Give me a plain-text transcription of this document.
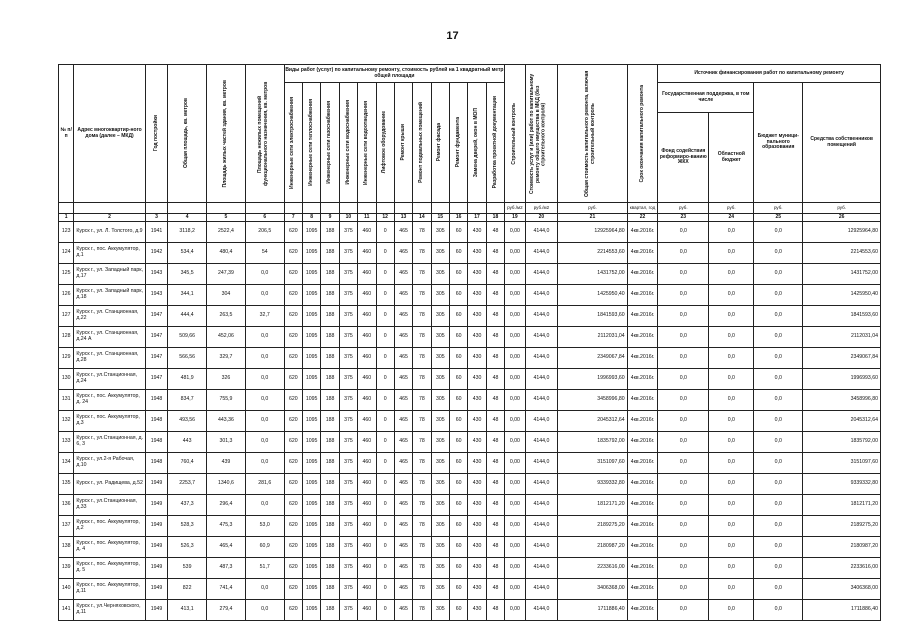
17
№ п/п	Адрес многоквартир-ного дома (далее – МКД)	Год постройки	Общая площадь, кв. метров	Площадь жилых частей здания, кв. метров	Площадь нежилых помещений функционального назначения, кв. метров	Виды работ (услуг) по капитальному ремонту, стоимость рублей на 1 квадратный метр общей площади												Строительный контроль	Стоимость услуг и (или) работ по капитальному ремонту общего имущества в МКД (без строительного контроля)	Общая стоимость капитального ремонта, включая строительный контроль	Срок окончания капитального ремонта	Источник финансирования работ по капитальному ремонту			

						Инженерные сети электроснабжения	Инженерные сети теплоснабжения	Инженерные сети газоснабжения	Инженерные сети водоснабжения	Инженерные сети водоотведения	Лифтовое оборудование	Ремонт крыши	Ремонт подвальных помещений	Ремонт фасада	Ремонт фундамента	Замена дверей, окон в МОП	Разработка проектной документации					Государственная поддержка, в том числе		Бюджет муници-пального образования	Средства собственников помещений
																						Фонд содействия реформиро-ванию ЖКХ	Областной бюджет		
																		руб./м2	руб./м2	руб.	квартал, год	руб.	руб.	руб.	руб.
1	2	3	4	5	6	7	8	9	10	11	12	13	14	15	16	17	18	19	20	21	22	23	24	25	26
123	Курск г., ул. Л. Толстого, д.9	1941	3118,2	2522,4	206,5	620	1095	188	375	460	0	465	78	305	60	430	48	0,00	4144,0	12925964,80	4кв.2016г.	0,0	0,0	0,0	12925964,80
124	Курск г., пос. Аккумулятор, д.1	1942	534,4	480,4	54	620	1095	188	375	460	0	465	78	305	60	430	48	0,00	4144,0	2214553,60	4кв.2016г.	0,0	0,0	0,0	2214553,60
125	Курск г., ул. Западный парк, д.17	1943	345,5	247,39	0,0	620	1095	188	375	460	0	465	78	305	60	430	48	0,00	4144,0	1431752,00	4кв.2016г.	0,0	0,0	0,0	1431752,00
126	Курск г., ул. Западный парк, д.18	1943	344,1	304	0,0	620	1095	188	375	460	0	465	78	305	60	430	48	0,00	4144,0	1425950,40	4кв.2016г.	0,0	0,0	0,0	1425950,40
127	Курск г., ул. Станционная, д.22	1947	444,4	263,5	32,7	620	1095	188	375	460	0	465	78	305	60	430	48	0,00	4144,0	1841593,60	4кв.2016г.	0,0	0,0	0,0	1841593,60
128	Курск г., ул. Станционная, д.24 А	1947	509,66	452,06	0,0	620	1095	188	375	460	0	465	78	305	60	430	48	0,00	4144,0	2112031,04	4кв.2016г.	0,0	0,0	0,0	2112031,04
129	Курск г., ул. Станционная, д.28	1947	566,56	329,7	0,0	620	1095	188	375	460	0	465	78	305	60	430	48	0,00	4144,0	2349067,84	4кв.2016г.	0,0	0,0	0,0	2349067,84
130	Курск г., ул.Станционная, д.24	1947	481,9	326	0,0	620	1095	188	375	460	0	465	78	305	60	430	48	0,00	4144,0	1996993,60	4кв.2016г.	0,0	0,0	0,0	1996993,60
131	Курск г., пос. Аккумулятор, д. 24	1948	834,7	755,9	0,0	620	1095	188	375	460	0	465	78	305	60	430	48	0,00	4144,0	3458996,80	4кв.2016г.	0,0	0,0	0,0	3458996,80
132	Курск г., пос. Аккумулятор, д.3	1948	493,56	443,36	0,0	620	1095	188	375	460	0	465	78	305	60	430	48	0,00	4144,0	2045312,64	4кв.2016г.	0,0	0,0	0,0	2045312,64
133	Курск г., ул.Станционная, д. 6, 3	1948	443	301,3	0,0	620	1095	188	375	460	0	465	78	305	60	430	48	0,00	4144,0	1835792,00	4кв.2016г.	0,0	0,0	0,0	1835792,00
134	Курск г., ул.2-я Рабочая, д.10	1948	760,4	439	0,0	620	1095	188	375	460	0	465	78	305	60	430	48	0,00	4144,0	3151097,60	4кв.2016г.	0,0	0,0	0,0	3151097,60
135	Курск г., ул. Радищева, д.52	1949	2253,7	1340,6	281,6	620	1095	188	375	460	0	465	78	305	60	430	48	0,00	4144,0	9339332,80	4кв.2016г.	0,0	0,0	0,0	9339332,80
136	Курск г., ул.Станционная, д.33	1949	437,3	296,4	0,0	620	1095	188	375	460	0	465	78	305	60	430	48	0,00	4144,0	1812171,20	4кв.2016г.	0,0	0,0	0,0	1812171,20
137	Курск г., пос. Аккумулятор, д.2	1949	528,3	475,3	53,0	620	1095	188	375	460	0	465	78	305	60	430	48	0,00	4144,0	2189275,20	4кв.2016г.	0,0	0,0	0,0	2189275,20
138	Курск г., пос. Аккумулятор, д. 4	1949	526,3	465,4	60,9	620	1095	188	375	460	0	465	78	305	60	430	48	0,00	4144,0	2180987,20	4кв.2016г.	0,0	0,0	0,0	2180987,20
139	Курск г., пос. Аккумулятор, д. 5	1949	539	487,3	51,7	620	1095	188	375	460	0	465	78	305	60	430	48	0,00	4144,0	2233616,00	4кв.2016г.	0,0	0,0	0,0	2233616,00
140	Курск г., пос. Аккумулятор, д.11	1949	822	741,4	0,0	620	1095	188	375	460	0	465	78	305	60	430	48	0,00	4144,0	3406368,00	4кв.2016г.	0,0	0,0	0,0	3406368,00
141	Курск г., ул.Черняховского, д.11	1949	413,1	279,4	0,0	620	1095	188	375	460	0	465	78	305	60	430	48	0,00	4144,0	1711886,40	4кв.2016г.	0,0	0,0	0,0	1711886,40
